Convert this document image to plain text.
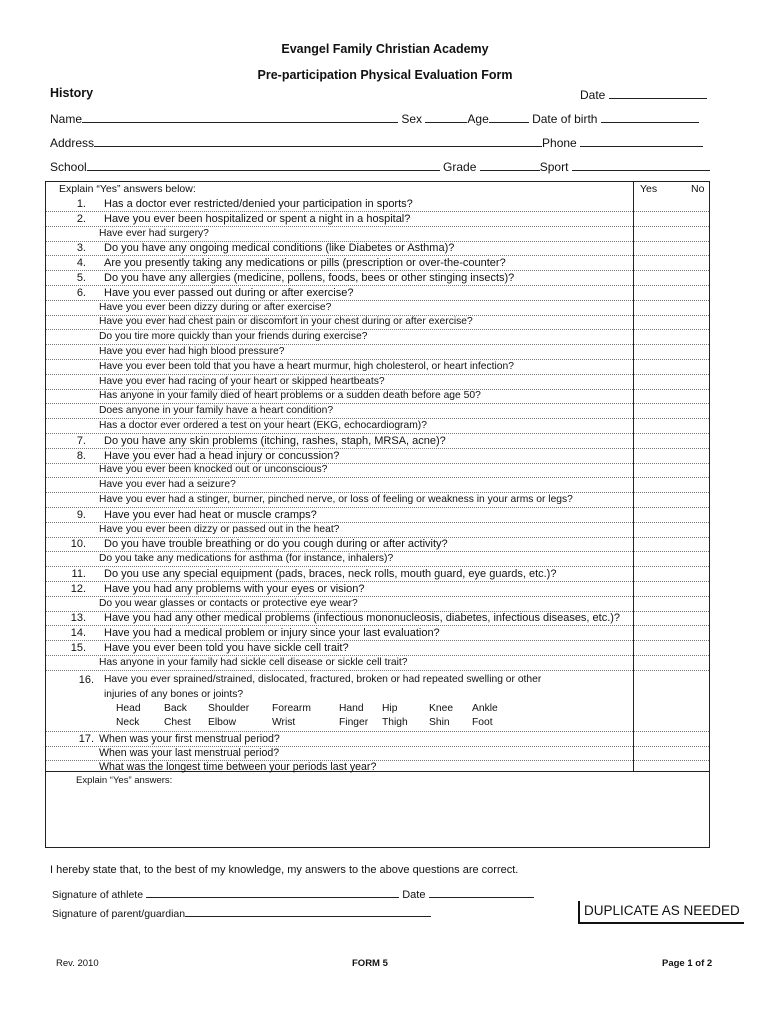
Evangel Family Christian Academy
Pre-participation Physical Evaluation Form
History	Date
Name	Sex	Age	Date of birth
Address	Phone
School	Grade	Sport
Explain “Yes” answers below:	Yes	No
1. Has a doctor ever restricted/denied your participation in sports?
2. Have you ever been hospitalized or spent a night in a hospital?
Have ever had surgery?
3. Do you have any ongoing medical conditions (like Diabetes or Asthma)?
4. Are you presently taking any medications or pills (prescription or over-the-counter?
5. Do you have any allergies (medicine, pollens, foods, bees or other stinging insects)?
6. Have you ever passed out during or after exercise?
Have you ever been dizzy during or after exercise?
Have you ever had chest pain or discomfort in your chest during or after exercise?
Do you tire more quickly than your friends during exercise?
Have you ever had high blood pressure?
Have you ever been told that you have a heart murmur, high cholesterol, or heart infection?
Have you ever had racing of your heart or skipped heartbeats?
Has anyone in your family died of heart problems or a sudden death before age 50?
Does anyone in your family have a heart condition?
Has a doctor ever ordered a test on your heart (EKG, echocardiogram)?
7. Do you have any skin problems (itching, rashes, staph, MRSA, acne)?
8. Have you ever had a head injury or concussion?
Have you ever been knocked out or unconscious?
Have you ever had a seizure?
Have you ever had a stinger, burner, pinched nerve, or loss of feeling or weakness in your arms or legs?
9. Have you ever had heat or muscle cramps?
Have you ever been dizzy or passed out in the heat?
10. Do you have trouble breathing or do you cough during or after activity?
Do you take any medications for asthma (for instance, inhalers)?
11. Do you use any special equipment (pads, braces, neck rolls, mouth guard, eye guards, etc.)?
12. Have you had any problems with your eyes or vision?
Do you wear glasses or contacts or protective eye wear?
13. Have you had any other medical problems (infectious mononucleosis, diabetes, infectious diseases, etc.)?
14. Have you had a medical problem or injury since your last evaluation?
15. Have you ever been told you have sickle cell trait?
Has anyone in your family had sickle cell disease or sickle cell trait?
16. Have you ever sprained/strained, dislocated, fractured, broken or had repeated swelling or other
injuries of any bones or joints?
Head Back Shoulder Forearm	Hand Hip	Knee Ankle
Neck Chest Elbow	Wrist	Finger Thigh Shin Foot
17. When was your first menstrual period?
When was your last menstrual period?
What was the longest time between your periods last year?
Explain “Yes” answers:
I hereby state that, to the best of my knowledge, my answers to the above questions are correct.
Signature of athlete	Date
Signature of parent/guardian	DUPLICATE AS NEEDED
Rev. 2010	FORM 5	Page 1 of 2
